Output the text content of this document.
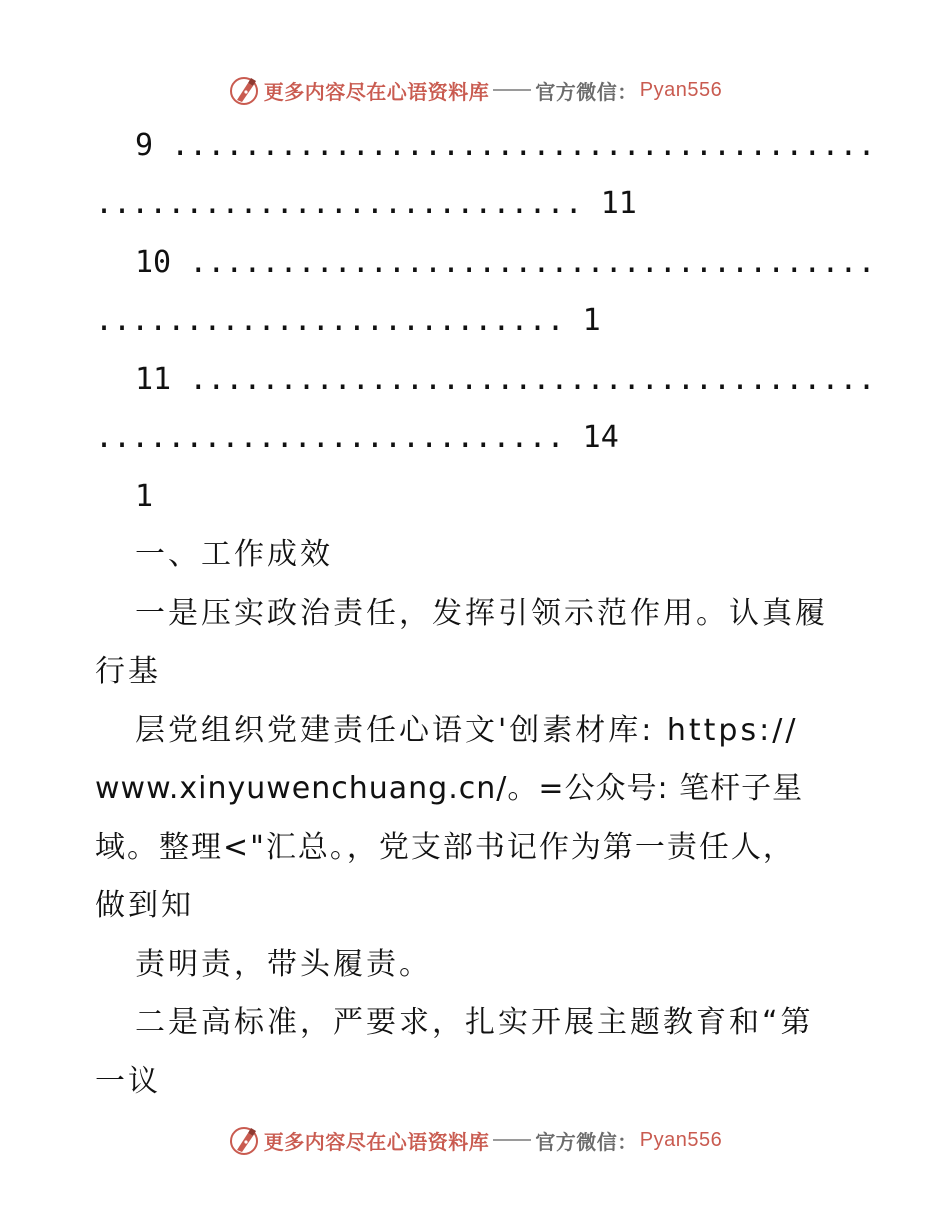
更多内容尽在心语资料库 官方微信： Pyan556
9 .......................................
........................... 11
10 ......................................
.......................... 1
11 ......................................
.......................... 14
1
一、工作成效
一是压实政治责任，发挥引领示范作用。认真履
行基
层党组织党建责任心语文'创素材库: https://
www.xinyuwenchuang.cn/。=公众号: 笔杆子星
域。整理<"汇总。，党支部书记作为第一责任人，
做到知
责明责，带头履责。
二是高标准，严要求，扎实开展主题教育和“第
一议
更多内容尽在心语资料库 官方微信： Pyan556
